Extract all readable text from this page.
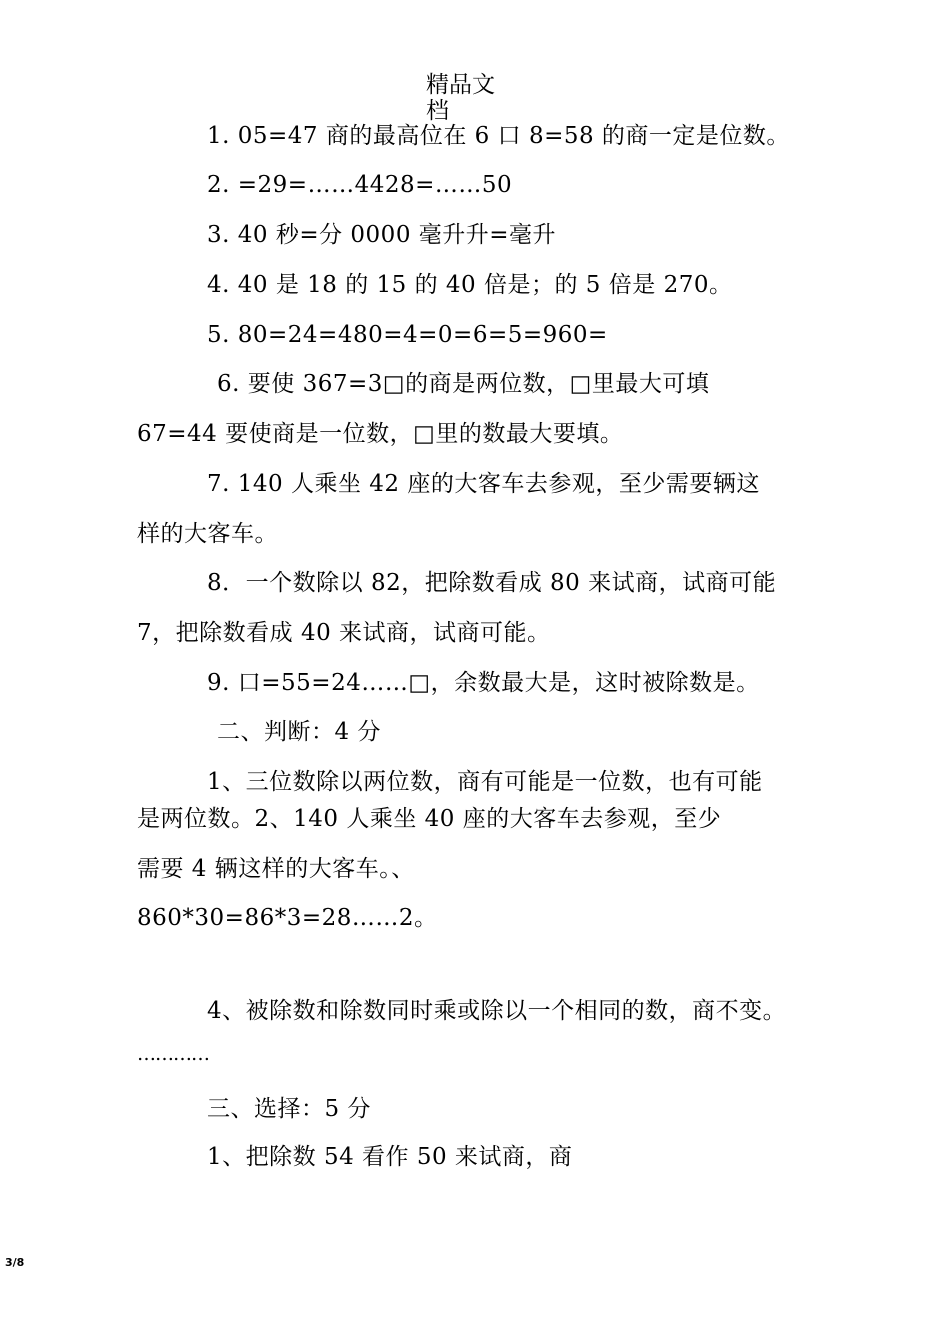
精品文档
1. 05=47 商的最高位在 6 口 8=58 的商一定是位数。
2. =29=……4428=……50
3. 40 秒=分 0000 毫升升=毫升
4. 40 是 18 的 15 的 40 倍是；的 5 倍是 270。
5. 80=24=480=4=0=6=5=960=
6. 要使 367=3□的商是两位数，□里最大可填
67=44 要使商是一位数，□里的数最大要填。
7. 140 人乘坐 42 座的大客车去参观，至少需要辆这
样的大客车。
8．一个数除以 82，把除数看成 80 来试商，试商可能
7，把除数看成 40 来试商，试商可能。
9. 口=55=24……□，余数最大是，这时被除数是。
二、判断：4 分
1、三位数除以两位数，商有可能是一位数，也有可能
是两位数。2、140 人乘坐 40 座的大客车去参观，至少
需要 4 辆这样的大客车。、
860*30=86*3=28……2。
4、被除数和除数同时乘或除以一个相同的数，商不变。
…………
三、选择：5 分
1、把除数 54 看作 50 来试商，商
3/8
